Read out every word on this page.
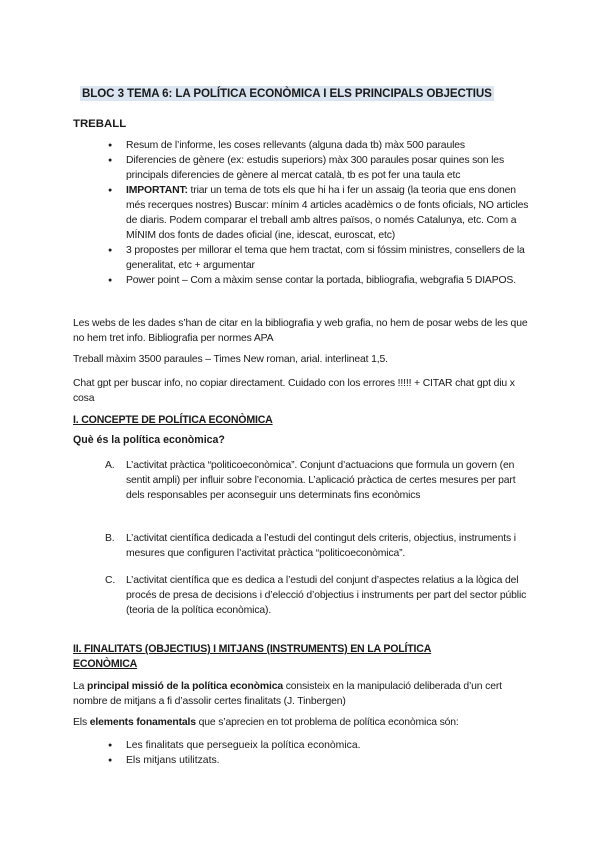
BLOC 3 TEMA 6: LA POLÍTICA ECONÒMICA I ELS PRINCIPALS OBJECTIUS
TREBALL
● Resum de l’informe, les coses rellevants (alguna dada tb) màx 500 paraules
● Diferencies de gènere (ex: estudis superiors) màx 300 paraules posar quines son les principals diferencies de gènere al mercat català, tb es pot fer una taula etc
● IMPORTANT: triar un tema de tots els que hi ha i fer un assaig (la teoria que ens donen més recerques nostres) Buscar: mínim 4 articles acadèmics o de fonts oficials, NO articles de diaris. Podem comparar el treball amb altres països, o només Catalunya, etc. Com a MÍNIM dos fonts de dades oficial (ine, idescat, euroscat, etc)
● 3 propostes per millorar el tema que hem tractat, com si fóssim ministres, consellers de la generalitat, etc + argumentar
● Power point – Com a màxim sense contar la portada, bibliografia, webgrafia 5 DIAPOS.
Les webs de les dades s’han de citar en la bibliografia y web grafia, no hem de posar webs de les que no hem tret info. Bibliografia per normes APA
Treball màxim 3500 paraules – Times New roman, arial. interlineat 1,5.
Chat gpt per buscar info, no copiar directament. Cuidado con los errores !!!!! + CITAR chat gpt diu x cosa
I. CONCEPTE DE POLÍTICA ECONÒMICA
Què és la política econòmica?
A. L’activitat pràctica “politicoeconòmica”. Conjunt d’actuacions que formula un govern (en sentit ampli) per influir sobre l’economia. L’aplicació pràctica de certes mesures per part dels responsables per aconseguir uns determinats fins econòmics
B. L’activitat científica dedicada a l’estudi del contingut dels criteris, objectius, instruments i mesures que configuren l’activitat pràctica “politicoeconòmica”.
C. L’activitat científica que es dedica a l’estudi del conjunt d’aspectes relatius a la lògica del procés de presa de decisions i d’elecció d’objectius i instruments per part del sector públic (teoria de la política econòmica).
II. FINALITATS (OBJECTIUS) I MITJANS (INSTRUMENTS) EN LA POLÍTICA ECONÒMICA
La principal missió de la política econòmica consisteix en la manipulació deliberada d’un cert nombre de mitjans a fi d’assolir certes finalitats (J. Tinbergen)
Els elements fonamentals que s’aprecien en tot problema de política econòmica són:
● Les finalitats que persegueix la política econòmica.
● Els mitjans utilitzats.
